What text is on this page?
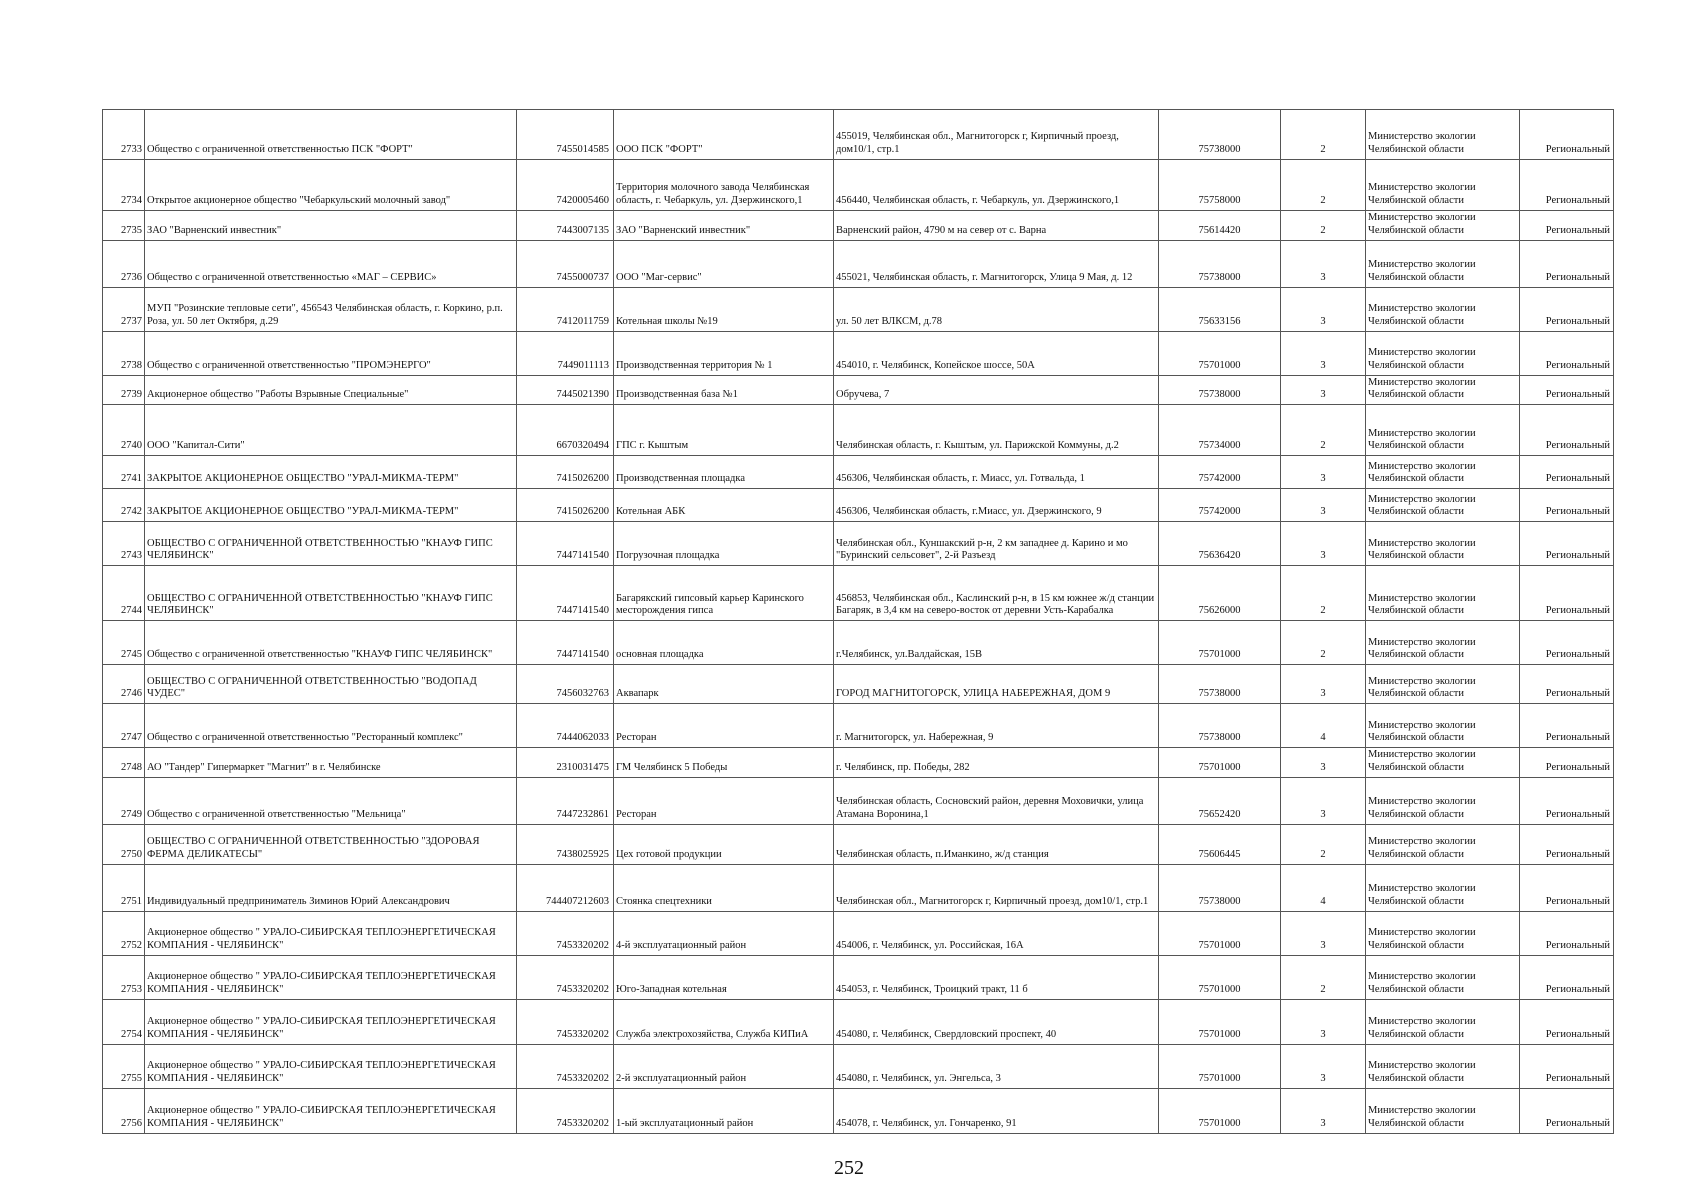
2733	Общество с ограниченной ответственностью ПСК "ФОРТ"	7455014585	ООО ПСК "ФОРТ"	455019, Челябинская обл., Магнитогорск г, Кирпичный проезд, дом10/1, стр.1	75738000	2	Министерство экологии Челябинской области	Региональный
2734	Открытое акционерное общество "Чебаркульский молочный завод"	7420005460	Территория молочного завода Челябинская область, г. Чебаркуль, ул. Дзержинского,1	456440, Челябинская область, г. Чебаркуль, ул. Дзержинского,1	75758000	2	Министерство экологии Челябинской области	Региональный
2735	ЗАО "Варненский инвестник"	7443007135	ЗАО "Варненский инвестник"	Варненский район, 4790 м на север от с. Варна	75614420	2	Министерство экологии Челябинской области	Региональный
2736	Общество с ограниченной ответственностью «МАГ – СЕРВИС»	7455000737	ООО "Маг-сервис"	455021, Челябинская область, г. Магнитогорск, Улица 9 Мая, д. 12	75738000	3	Министерство экологии Челябинской области	Региональный
2737	МУП "Розинские тепловые сети", 456543 Челябинская область, г. Коркино, р.п. Роза, ул. 50 лет Октября, д.29	7412011759	Котельная школы №19	ул. 50 лет ВЛКСМ, д.78	75633156	3	Министерство экологии Челябинской области	Региональный
2738	Общество с ограниченной ответственностью "ПРОМЭНЕРГО"	7449011113	Производственная территория № 1	454010, г. Челябинск, Копейское шоссе, 50А	75701000	3	Министерство экологии Челябинской области	Региональный
2739	Акционерное общество "Работы Взрывные Специальные"	7445021390	Производственная база №1	Обручева, 7	75738000	3	Министерство экологии Челябинской области	Региональный
2740	ООО "Капитал-Сити"	6670320494	ГПС г. Кыштым	Челябинская область, г. Кыштым, ул. Парижской Коммуны, д.2	75734000	2	Министерство экологии Челябинской области	Региональный
2741	ЗАКРЫТОЕ АКЦИОНЕРНОЕ ОБЩЕСТВО "УРАЛ-МИКМА-ТЕРМ"	7415026200	Производственная площадка	456306, Челябинская область, г. Миасс, ул. Готвальда, 1	75742000	3	Министерство экологии Челябинской области	Региональный
2742	ЗАКРЫТОЕ АКЦИОНЕРНОЕ ОБЩЕСТВО "УРАЛ-МИКМА-ТЕРМ"	7415026200	Котельная АБК	456306, Челябинская область, г.Миасс, ул. Дзержинского, 9	75742000	3	Министерство экологии Челябинской области	Региональный
2743	ОБЩЕСТВО С ОГРАНИЧЕННОЙ ОТВЕТСТВЕННОСТЬЮ "КНАУФ ГИПС ЧЕЛЯБИНСК"	7447141540	Погрузочная площадка	Челябинская обл., Куншакский р-н, 2 км западнее д. Карино и мо "Буринский сельсовет", 2-й Разъезд	75636420	3	Министерство экологии Челябинской области	Региональный
2744	ОБЩЕСТВО С ОГРАНИЧЕННОЙ ОТВЕТСТВЕННОСТЬЮ "КНАУФ ГИПС ЧЕЛЯБИНСК"	7447141540	Багарякский гипсовый карьер Каринского месторождения гипса	456853, Челябинская обл., Каслинский р-н, в 15 км южнее ж/д станции Багаряк, в 3,4 км на северо-восток от деревни Усть-Карабалка	75626000	2	Министерство экологии Челябинской области	Региональный
2745	Общество с ограниченной ответственностью "КНАУФ ГИПС ЧЕЛЯБИНСК"	7447141540	основная площадка	г.Челябинск, ул.Валдайская, 15В	75701000	2	Министерство экологии Челябинской области	Региональный
2746	ОБЩЕСТВО С ОГРАНИЧЕННОЙ ОТВЕТСТВЕННОСТЬЮ "ВОДОПАД ЧУДЕС"	7456032763	Аквапарк	ГОРОД МАГНИТОГОРСК, УЛИЦА НАБЕРЕЖНАЯ, ДОМ 9	75738000	3	Министерство экологии Челябинской области	Региональный
2747	Общество с ограниченной ответственностью "Ресторанный комплекс"	7444062033	Ресторан	г. Магнитогорск, ул. Набережная, 9	75738000	4	Министерство экологии Челябинской области	Региональный
2748	АО "Тандер" Гипермаркет "Магнит" в г. Челябинске	2310031475	ГМ Челябинск 5 Победы	г. Челябинск, пр. Победы, 282	75701000	3	Министерство экологии Челябинской области	Региональный
2749	Общество с ограниченной ответственностью "Мельница"	7447232861	Ресторан	Челябинская область, Сосновский район, деревня Моховички, улица Атамана Воронина,1	75652420	3	Министерство экологии Челябинской области	Региональный
2750	ОБЩЕСТВО С ОГРАНИЧЕННОЙ ОТВЕТСТВЕННОСТЬЮ "ЗДОРОВАЯ ФЕРМА ДЕЛИКАТЕСЫ"	7438025925	Цех готовой продукции	Челябинская область, п.Иманкино, ж/д станция	75606445	2	Министерство экологии Челябинской области	Региональный
2751	Индивидуальный предприниматель Зиминов Юрий Александрович	744407212603	Стоянка спецтехники	Челябинская обл., Магнитогорск г, Кирпичный проезд, дом10/1, стр.1	75738000	4	Министерство экологии Челябинской области	Региональный
2752	Акционерное общество " УРАЛО-СИБИРСКАЯ ТЕПЛОЭНЕРГЕТИЧЕСКАЯ КОМПАНИЯ - ЧЕЛЯБИНСК"	7453320202	4-й эксплуатационный район	454006, г. Челябинск, ул. Российская, 16А	75701000	3	Министерство экологии Челябинской области	Региональный
2753	Акционерное общество " УРАЛО-СИБИРСКАЯ ТЕПЛОЭНЕРГЕТИЧЕСКАЯ КОМПАНИЯ - ЧЕЛЯБИНСК"	7453320202	Юго-Западная котельная	454053, г. Челябинск, Троицкий тракт, 11 б	75701000	2	Министерство экологии Челябинской области	Региональный
2754	Акционерное общество " УРАЛО-СИБИРСКАЯ ТЕПЛОЭНЕРГЕТИЧЕСКАЯ КОМПАНИЯ - ЧЕЛЯБИНСК"	7453320202	Служба электрохозяйства, Служба КИПиА	454080, г. Челябинск, Свердловский проспект, 40	75701000	3	Министерство экологии Челябинской области	Региональный
2755	Акционерное общество " УРАЛО-СИБИРСКАЯ ТЕПЛОЭНЕРГЕТИЧЕСКАЯ КОМПАНИЯ - ЧЕЛЯБИНСК"	7453320202	2-й эксплуатационный район	454080, г. Челябинск, ул. Энгельса, 3	75701000	3	Министерство экологии Челябинской области	Региональный
2756	Акционерное общество " УРАЛО-СИБИРСКАЯ ТЕПЛОЭНЕРГЕТИЧЕСКАЯ КОМПАНИЯ - ЧЕЛЯБИНСК"	7453320202	1-ый эксплуатационный район	454078, г. Челябинск, ул. Гончаренко, 91	75701000	3	Министерство экологии Челябинской области	Региональный
252
